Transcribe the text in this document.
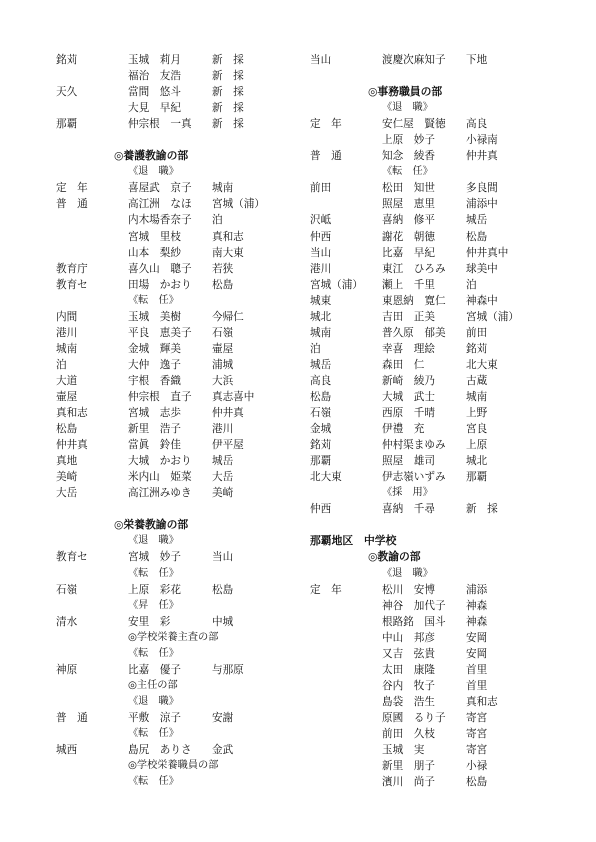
銘苅	玉城　莉月	新　採
福治　友浩	新　採
天久	當間　悠斗	新　採
大見　早紀	新　採
那覇	仲宗根　一真 新　採
◎養護教諭の部
《退　職》
定　年	喜屋武　京子 城南
普　通	高江洲　なほ 宮城（浦）
内木場香奈子 泊
宮城　里枝	真和志
山本　梨紗	南大東
教育庁	喜久山　聰子 若狭
教育セ	田場　かおり 松島
《転　任》
内間	玉城　美樹	今帰仁
港川	平良　恵美子 石嶺
城南	金城　輝美	壷屋
泊	大仲　逸子	浦城
大道	宇根　香織	大浜
壷屋	仲宗根　直子 真志喜中
真和志	宮城　志歩	仲井真
松島	新里　浩子	港川
仲井真	當眞　鈴佳	伊平屋
真地	大城　かおり 城岳
美崎	米内山　姫菜 大岳
大岳	高江洲みゆき 美崎
◎栄養教諭の部
《退　職》
教育セ	宮城　妙子	当山
《転　任》
石嶺	上原　彩花	松島
《昇　任》
清水	安里　彩	中城
◎学校栄養主査の部
《転　任》
神原	比嘉　優子	与那原
◎主任の部
《退　職》
普　通	平敷　涼子	安謝
《転　任》
城西	島尻　ありさ 金武
◎学校栄養職員の部
《転　任》
当山	渡慶次麻知子 下地
◎事務職員の部
《退　職》
定　年	安仁屋　賢徳 高良
上原　妙子	小禄南
普　通	知念　綾香	仲井真
《転　任》
前田	松田　知世	多良間
照屋　恵里	浦添中
沢岻	喜納　修平	城岳
仲西	謝花　朝徳	松島
当山	比嘉　早紀	仲井真中
港川	東江　ひろみ 球美中
宮城（浦） 瀬上　千里	泊
城東	東恩納　寛仁 神森中
城北	吉田　正美	宮城（浦）
城南	普久原　郁美 前田
泊	幸喜　理絵	銘苅
城岳	森田　仁	北大東
高良	新崎　綾乃	古蔵
松島	大城　武士	城南
石嶺	西原　千晴	上野
金城	伊禮　充	宮良
銘苅	仲村渠まゆみ 上原
那覇	照屋　雄司	城北
北大東	伊志嶺いずみ 那覇
《採　用》
仲西	喜納　千尋	新　採
那覇地区　中学校
◎教諭の部
《退　職》
定　年	松川　安博	浦添
神谷　加代子 神森
根路銘　国斗 神森
中山　邦彦	安岡
又吉　弦貴	安岡
太田　康隆	首里
谷内　牧子	首里
島袋　浩生	真和志
原國　るり子 寄宮
前田　久枝	寄宮
玉城　実	寄宮
新里　朋子	小禄
濱川　尚子	松島
